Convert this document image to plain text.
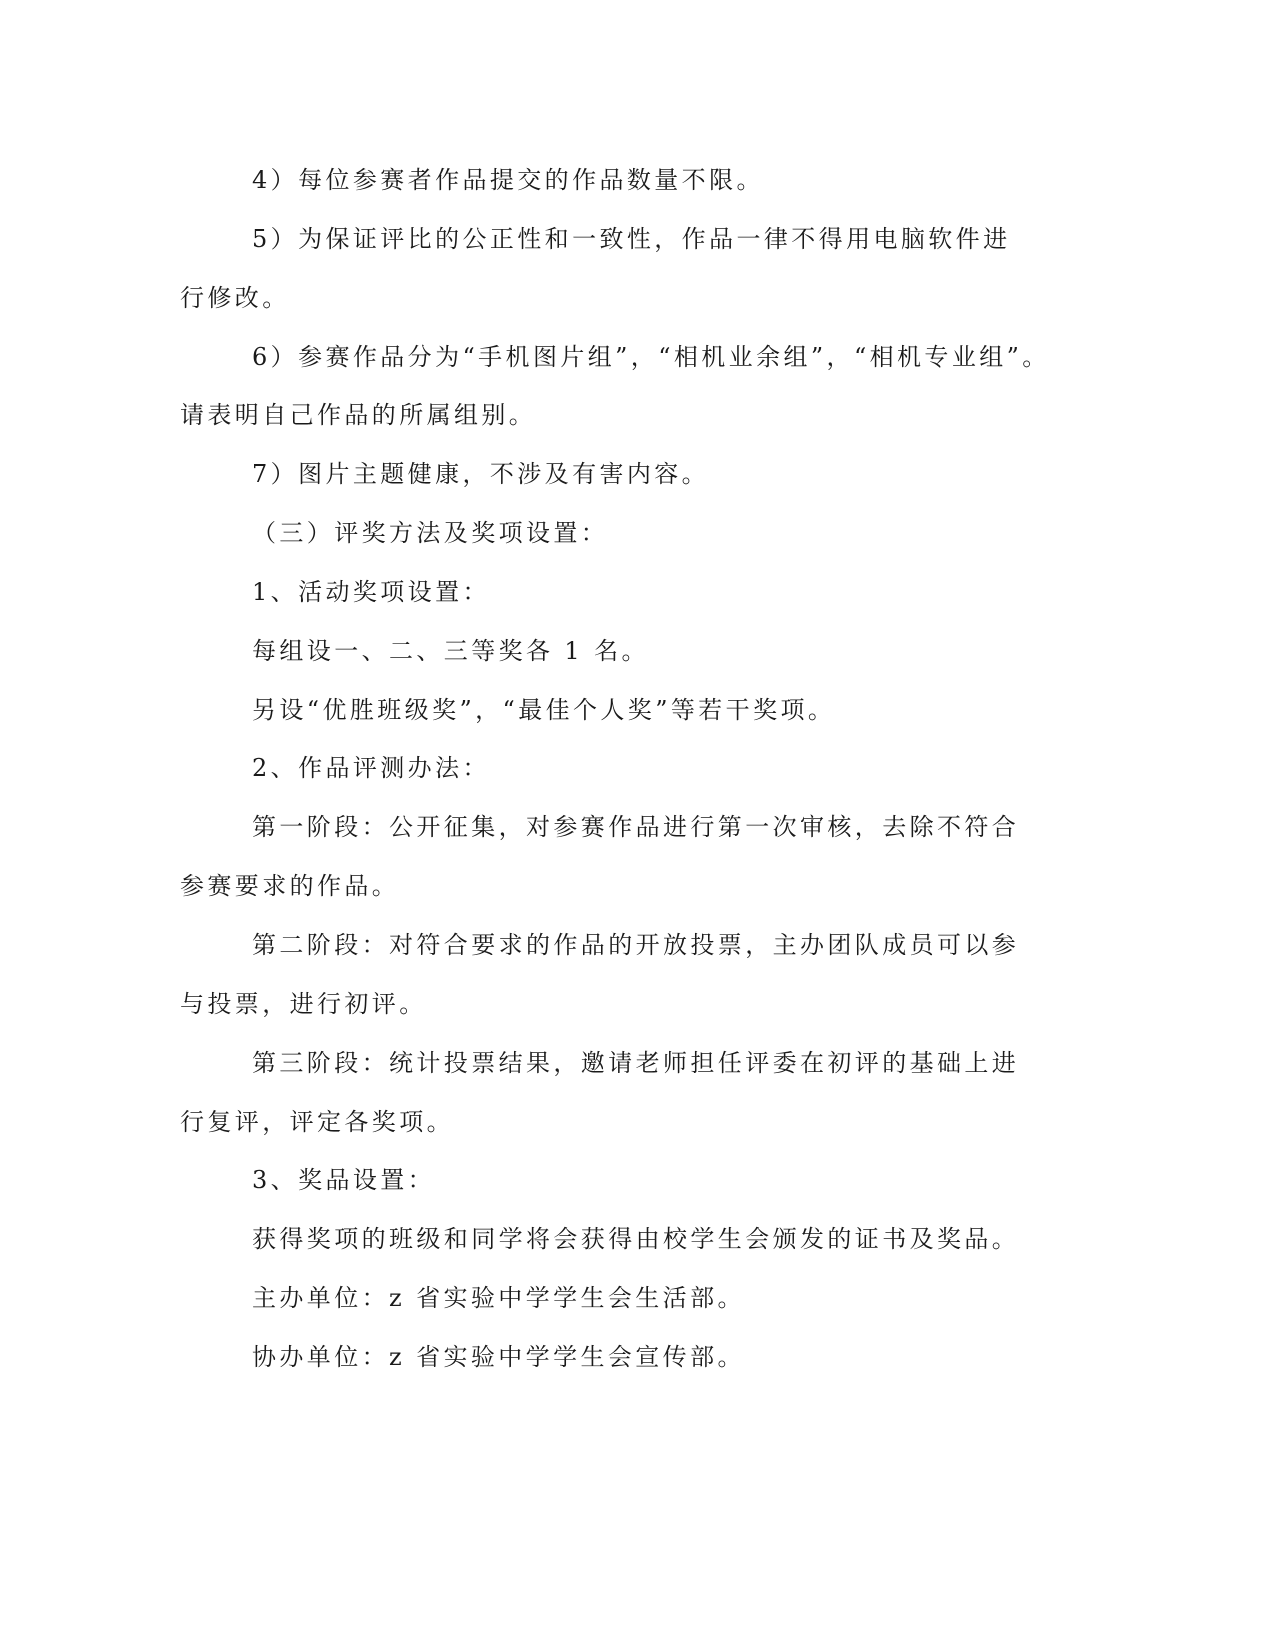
4）每位参赛者作品提交的作品数量不限。
5）为保证评比的公正性和一致性，作品一律不得用电脑软件进
行修改。
6）参赛作品分为“手机图片组”，“相机业余组”，“相机专业组”。
请表明自己作品的所属组别。
7）图片主题健康，不涉及有害内容。
（三）评奖方法及奖项设置：
1、活动奖项设置：
每组设一、二、三等奖各 1 名。
另设“优胜班级奖”，“最佳个人奖”等若干奖项。
2、作品评测办法：
第一阶段：公开征集，对参赛作品进行第一次审核，去除不符合
参赛要求的作品。
第二阶段：对符合要求的作品的开放投票，主办团队成员可以参
与投票，进行初评。
第三阶段：统计投票结果，邀请老师担任评委在初评的基础上进
行复评，评定各奖项。
3、奖品设置：
获得奖项的班级和同学将会获得由校学生会颁发的证书及奖品。
主办单位：z 省实验中学学生会生活部。
协办单位：z 省实验中学学生会宣传部。
